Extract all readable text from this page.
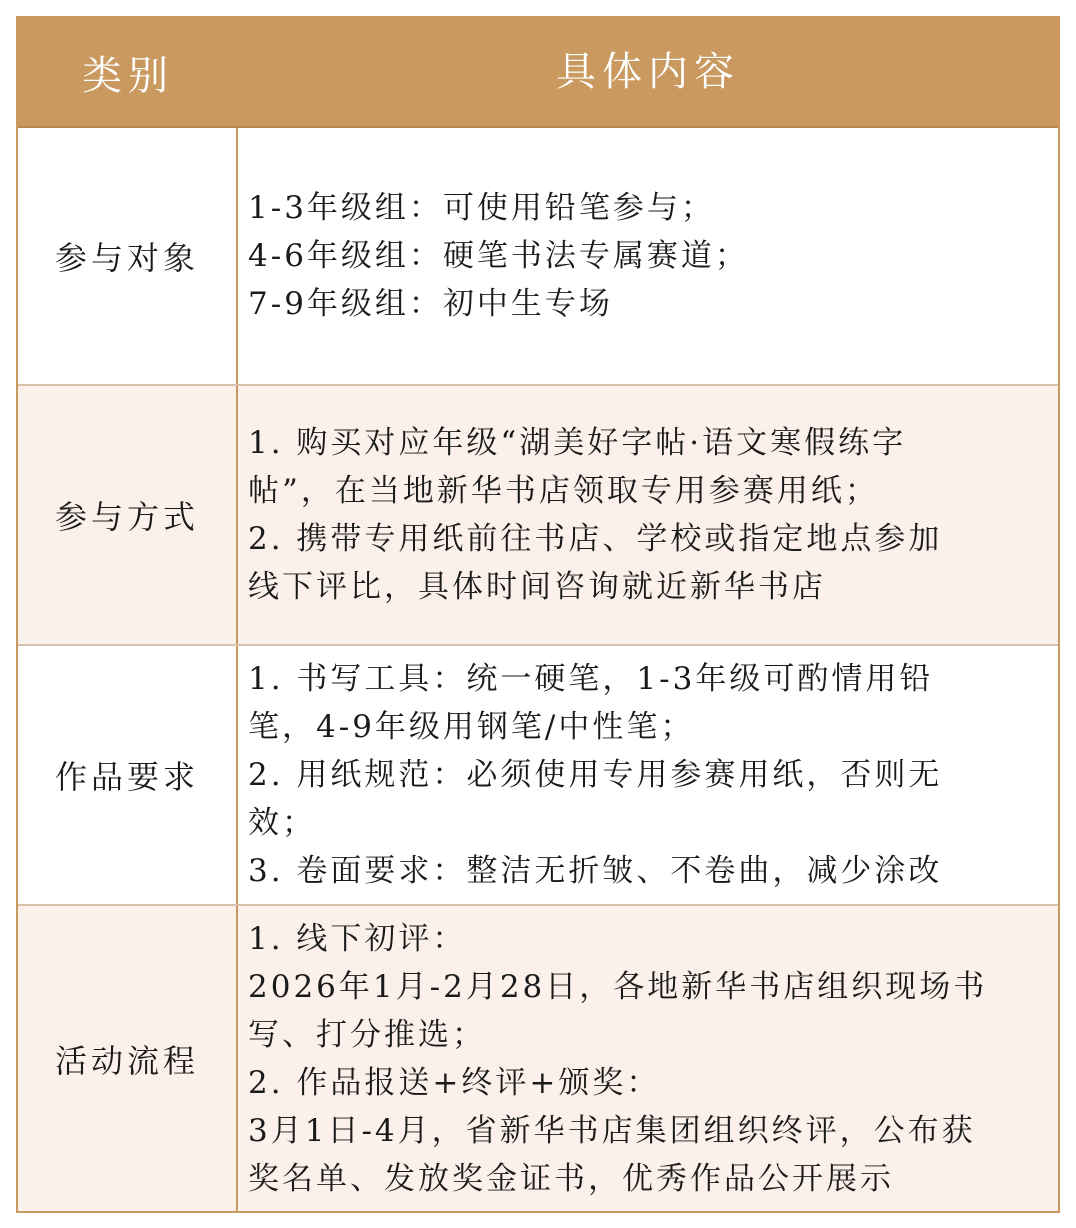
类别	具体内容
参与对象
1-3年级组：可使用铅笔参与；
4-6年级组：硬笔书法专属赛道；
7-9年级组：初中生专场
参与方式
1. 购买对应年级“湖美好字帖·语文寒假练字
帖”，在当地新华书店领取专用参赛用纸；
2. 携带专用纸前往书店、学校或指定地点参加
线下评比，具体时间咨询就近新华书店
作品要求
1. 书写工具：统一硬笔，1-3年级可酌情用铅
笔，4-9年级用钢笔/中性笔；
2. 用纸规范：必须使用专用参赛用纸，否则无
效；
3. 卷面要求：整洁无折皱、不卷曲，减少涂改
活动流程
1. 线下初评：
2026年1月-2月28日，各地新华书店组织现场书
写、打分推选；
2. 作品报送+终评+颁奖：
3月1日-4月，省新华书店集团组织终评，公布获
奖名单、发放奖金证书，优秀作品公开展示
